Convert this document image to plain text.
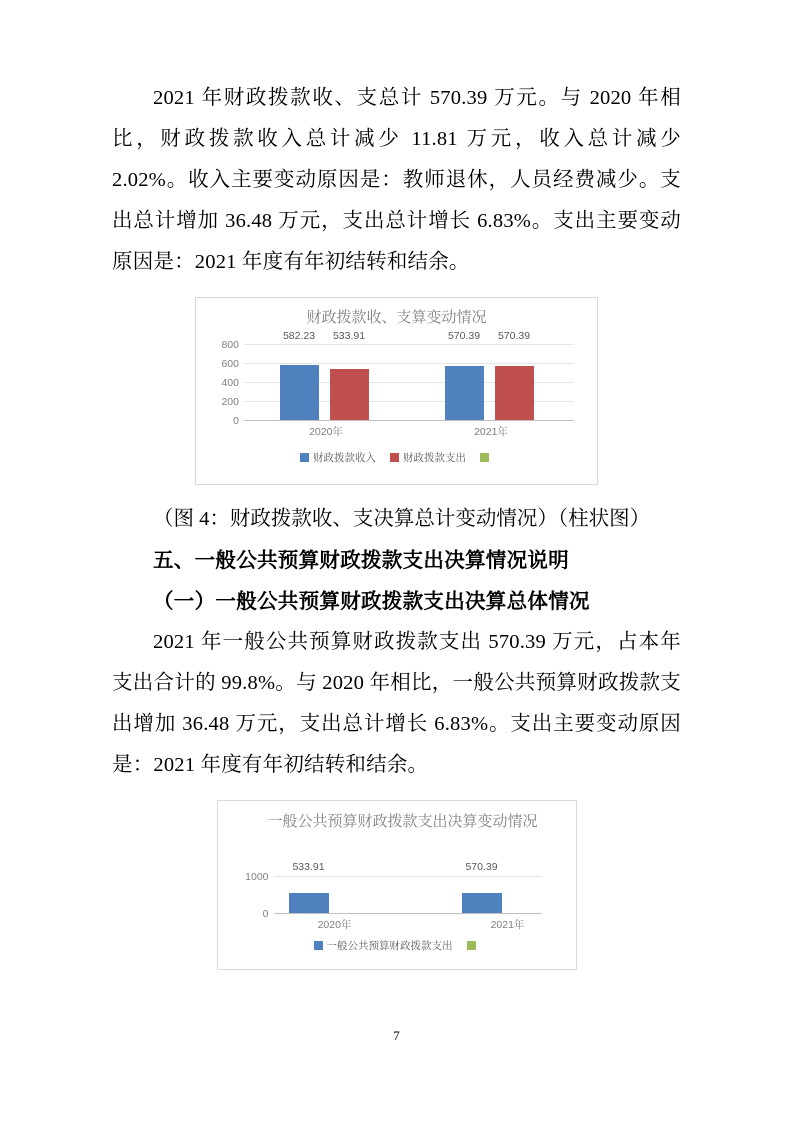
2021 年财政拨款收、支总计 570.39 万元。与 2020 年相比，财政拨款收入总计减少 11.81 万元，收入总计减少 2.02%。收入主要变动原因是：教师退休，人员经费减少。支出总计增加 36.48 万元，支出总计增长 6.83%。支出主要变动原因是：2021 年度有年初结转和结余。

财政拨款收、支算变动情况
800
600
400
200
0
582.23 533.91	570.39 570.39
2020年	2021年
财政拨款收入	财政拨款支出

（图 4：财政拨款收、支决算总计变动情况）（柱状图）

五、一般公共预算财政拨款支出决算情况说明

（一）一般公共预算财政拨款支出决算总体情况

2021 年一般公共预算财政拨款支出 570.39 万元，占本年支出合计的 99.8%。与 2020 年相比，一般公共预算财政拨款支出增加 36.48 万元，支出总计增长 6.83%。支出主要变动原因是：2021 年度有年初结转和结余。

一般公共预算财政拨款支出决算变动情况
1000
0
533.91	570.39
2020年	2021年
一般公共预算财政拨款支出
7
